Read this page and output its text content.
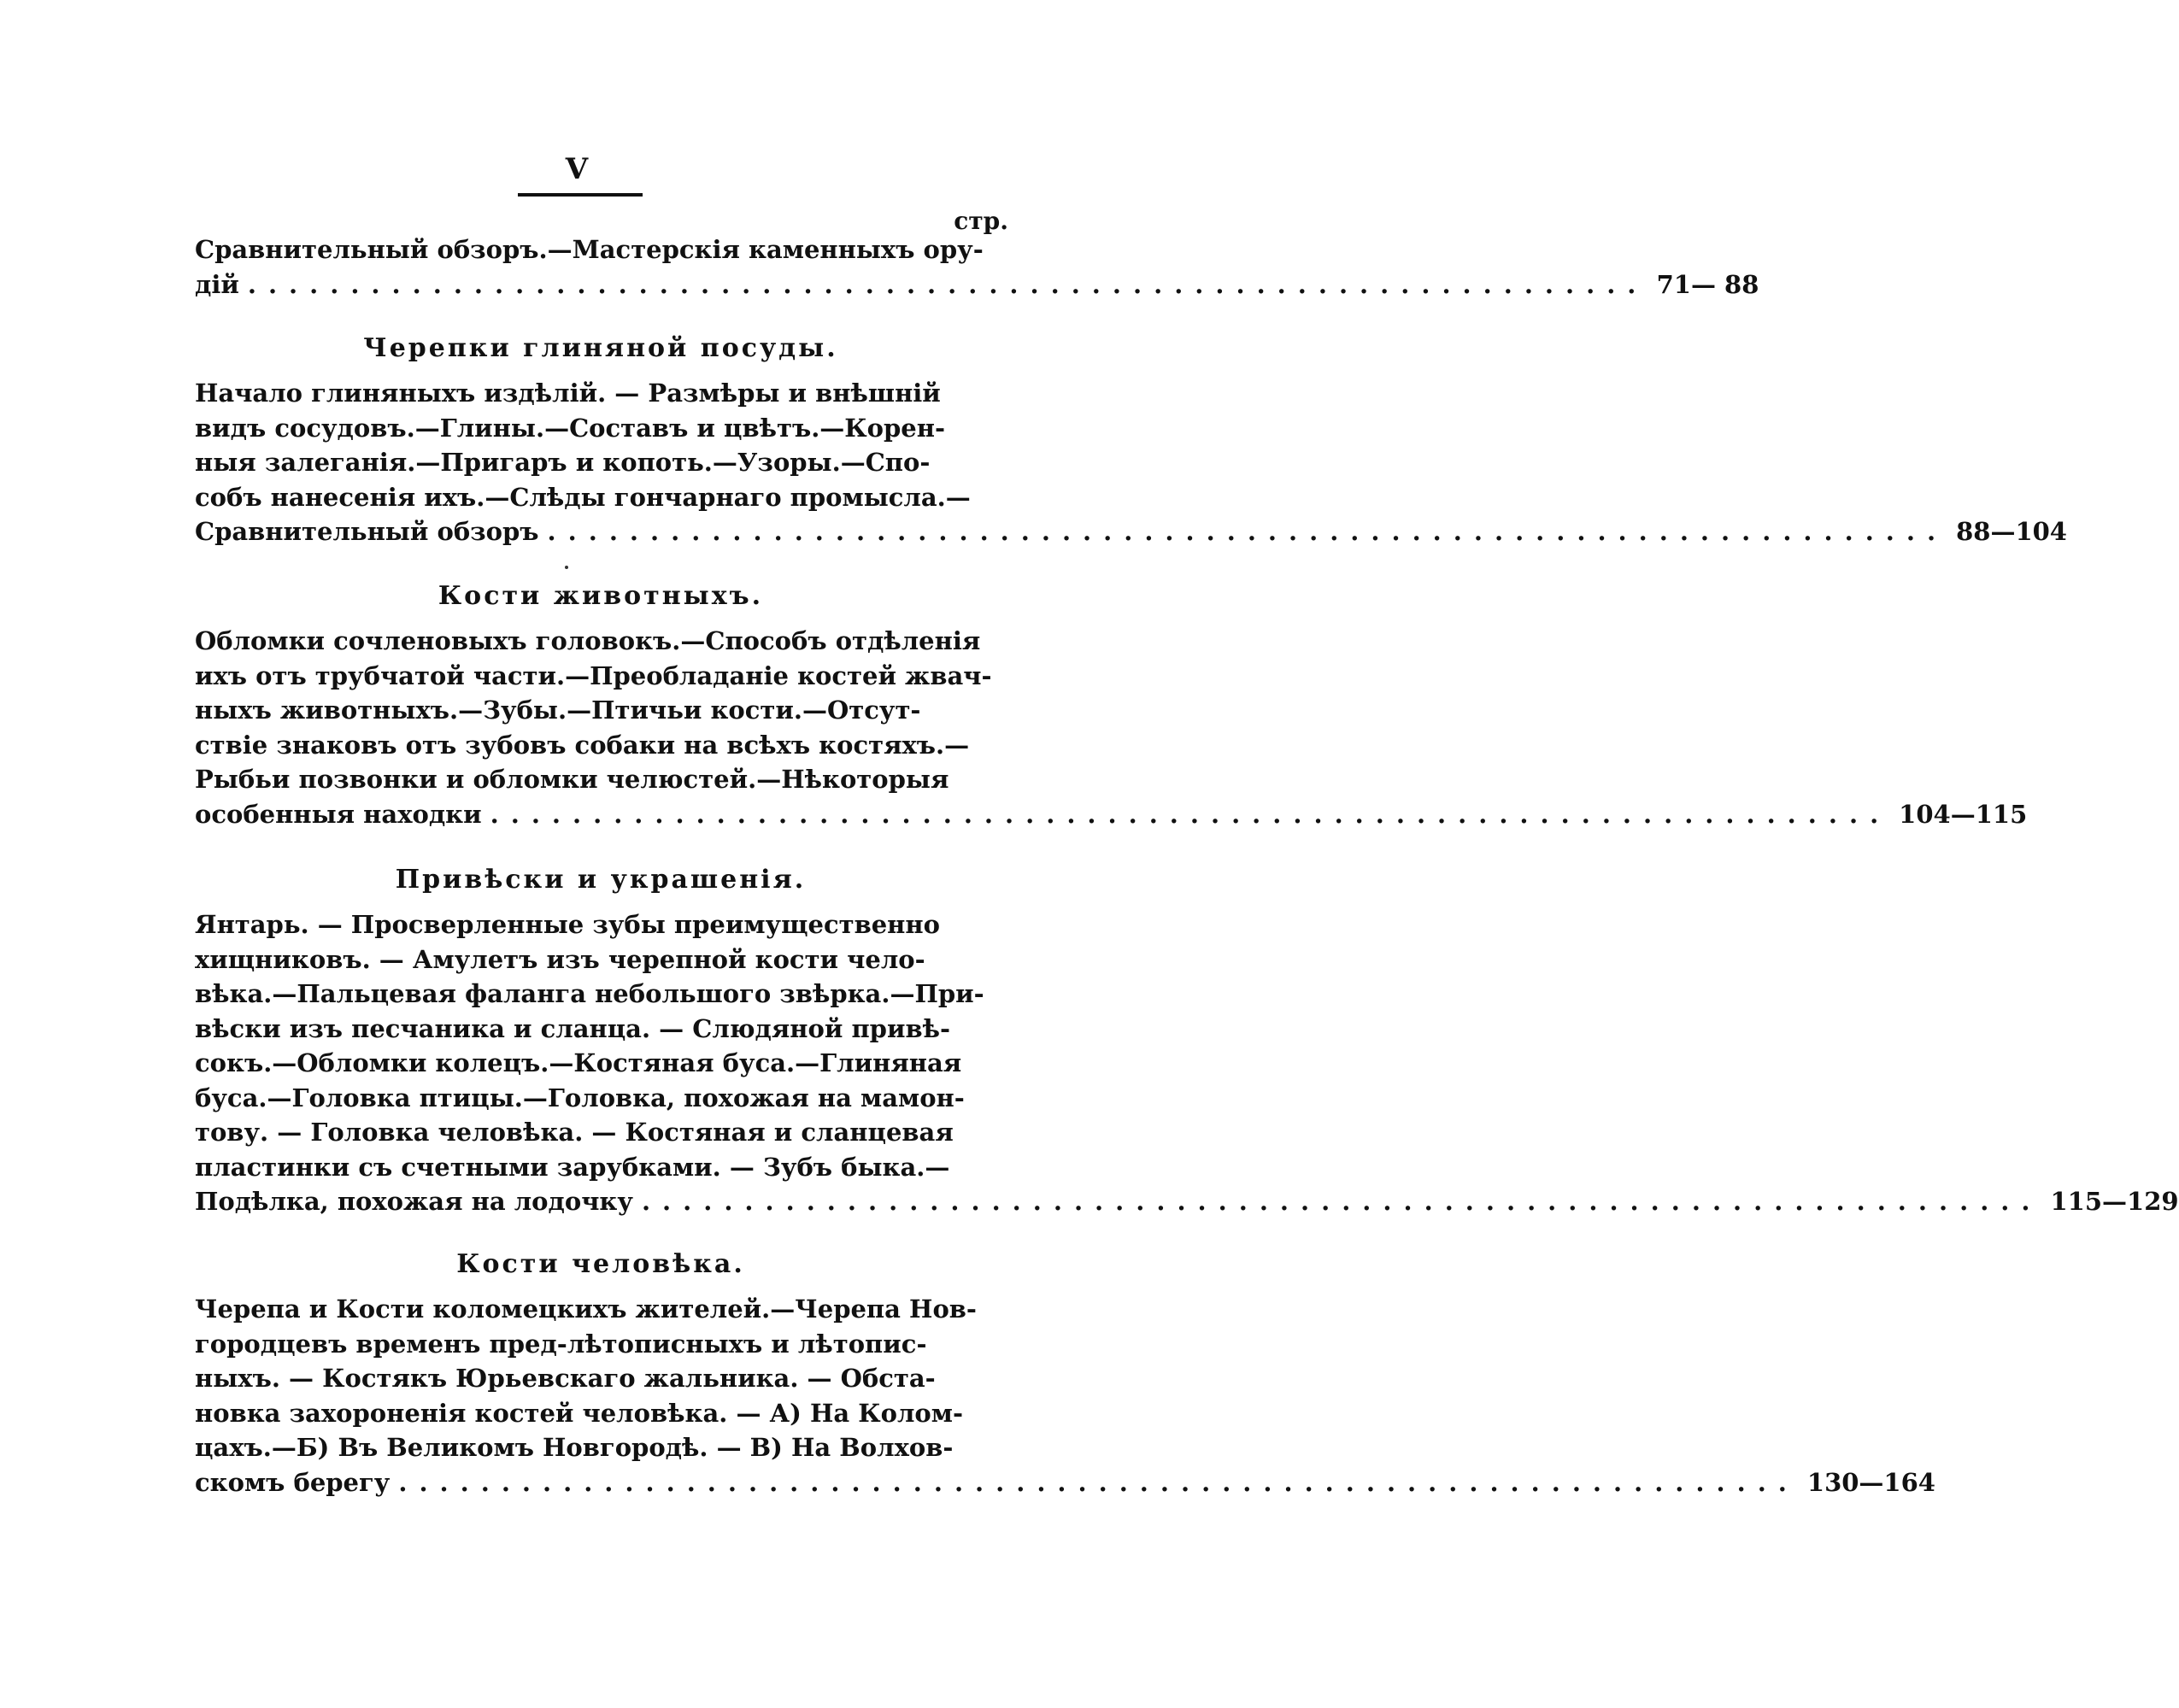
V
стр.
Сравнительный обзоръ.—Мастерскія каменныхъ ору-
дій .................................................................... 71— 88
Черепки глиняной посуды.
Начало глиняныхъ издѣлій. — Размѣры и внѣшній
видъ сосудовъ.—Глины.—Составъ и цвѣтъ.—Корен-
ныя залеганія.—Пригаръ и копоть.—Узоры.—Спо-
собъ нанесенія ихъ.—Слѣды гончарнаго промысла.—
Сравнительный обзоръ .................................................................... 88—104
Кости животныхъ.
Обломки сочленовыхъ головокъ.—Способъ отдѣленія
ихъ отъ трубчатой части.—Преобладаніе костей жвач-
ныхъ животныхъ.—Зубы.—Птичьи кости.—Отсут-
ствіе знаковъ отъ зубовъ собаки на всѣхъ костяхъ.—
Рыбьи позвонки и обломки челюстей.—Нѣкоторыя
особенныя находки .................................................................... 104—115
Привѣски и украшенія.
Янтарь. — Просверленные зубы преимущественно
хищниковъ. — Амулетъ изъ черепной кости чело-
вѣка.—Пальцевая фаланга небольшого звѣрка.—При-
вѣски изъ песчаника и сланца. — Слюдяной привѣ-
сокъ.—Обломки колецъ.—Костяная буса.—Глиняная
буса.—Головка птицы.—Головка, похожая на мамон-
тову. — Головка человѣка. — Костяная и сланцевая
пластинки съ счетными зарубками. — Зубъ быка.—
Подѣлка, похожая на лодочку .................................................................... 115—129
Кости человѣка.
Черепа и Кости коломецкихъ жителей.—Черепа Нов-
городцевъ временъ пред-лѣтописныхъ и лѣтопис-
ныхъ. — Костякъ Юрьевскаго жальника. — Обста-
новка захороненія костей человѣка. — А) На Колом-
цахъ.—Б) Въ Великомъ Новгородѣ. — В) На Волхов-
скомъ берегу .................................................................... 130—164
